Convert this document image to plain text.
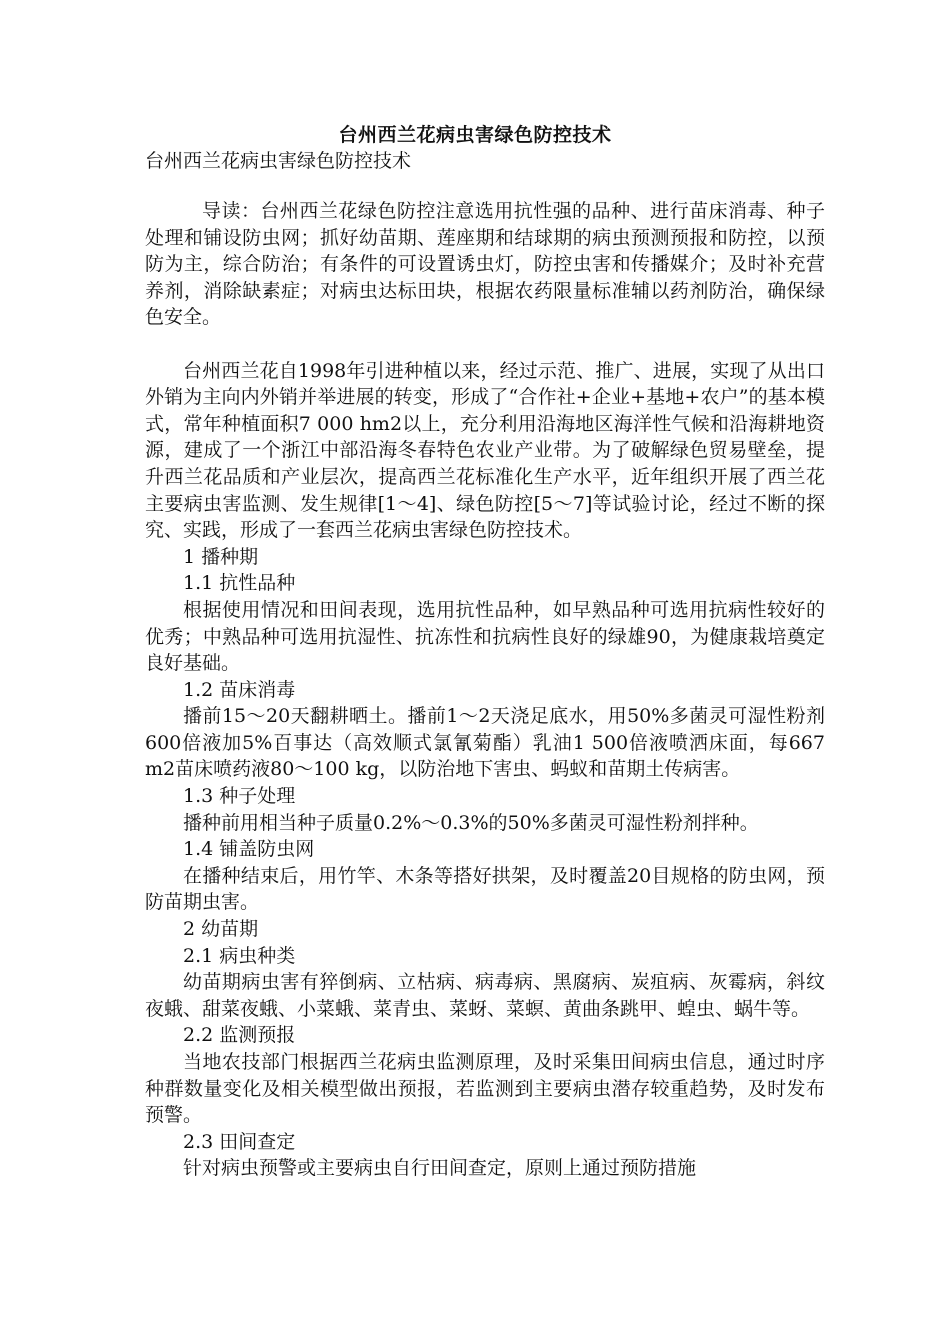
台州西兰花病虫害绿色防控技术
台州西兰花病虫害绿色防控技术

导读：台州西兰花绿色防控注意选用抗性强的品种、进行苗床消毒、种子处理和铺设防虫网；抓好幼苗期、莲座期和结球期的病虫预测预报和防控，以预防为主，综合防治；有条件的可设置诱虫灯，防控虫害和传播媒介；及时补充营养剂，消除缺素症；对病虫达标田块，根据农药限量标准辅以药剂防治，确保绿色安全。

台州西兰花自1998年引进种植以来，经过示范、推广、进展，实现了从出口外销为主向内外销并举进展的转变，形成了“合作社+企业+基地+农户”的基本模式，常年种植面积7 000 hm2以上，充分利用沿海地区海洋性气候和沿海耕地资源，建成了一个浙江中部沿海冬春特色农业产业带。为了破解绿色贸易壁垒，提升西兰花品质和产业层次，提高西兰花标准化生产水平，近年组织开展了西兰花主要病虫害监测、发生规律[1～4]、绿色防控[5～7]等试验讨论，经过不断的探究、实践，形成了一套西兰花病虫害绿色防控技术。

1 播种期

1.1 抗性品种

根据使用情况和田间表现，选用抗性品种，如早熟品种可选用抗病性较好的优秀；中熟品种可选用抗湿性、抗冻性和抗病性良好的绿雄90，为健康栽培奠定良好基础。

1.2 苗床消毒

播前15～20天翻耕晒土。播前1～2天浇足底水，用50%多菌灵可湿性粉剂600倍液加5%百事达（高效顺式氯氰菊酯）乳油1 500倍液喷洒床面，每667 m2苗床喷药液80～100 kg，以防治地下害虫、蚂蚁和苗期土传病害。

1.3 种子处理

播种前用相当种子质量0.2%～0.3%的50%多菌灵可湿性粉剂拌种。

1.4 铺盖防虫网

在播种结束后，用竹竿、木条等搭好拱架，及时覆盖20目规格的防虫网，预防苗期虫害。

2 幼苗期

2.1 病虫种类

幼苗期病虫害有猝倒病、立枯病、病毒病、黑腐病、炭疽病、灰霉病，斜纹夜蛾、甜菜夜蛾、小菜蛾、菜青虫、菜蚜、菜螟、黄曲条跳甲、蝗虫、蜗牛等。

2.2 监测预报

当地农技部门根据西兰花病虫监测原理，及时采集田间病虫信息，通过时序种群数量变化及相关模型做出预报，若监测到主要病虫潜存较重趋势，及时发布预警。

2.3 田间查定

针对病虫预警或主要病虫自行田间查定，原则上通过预防措施
